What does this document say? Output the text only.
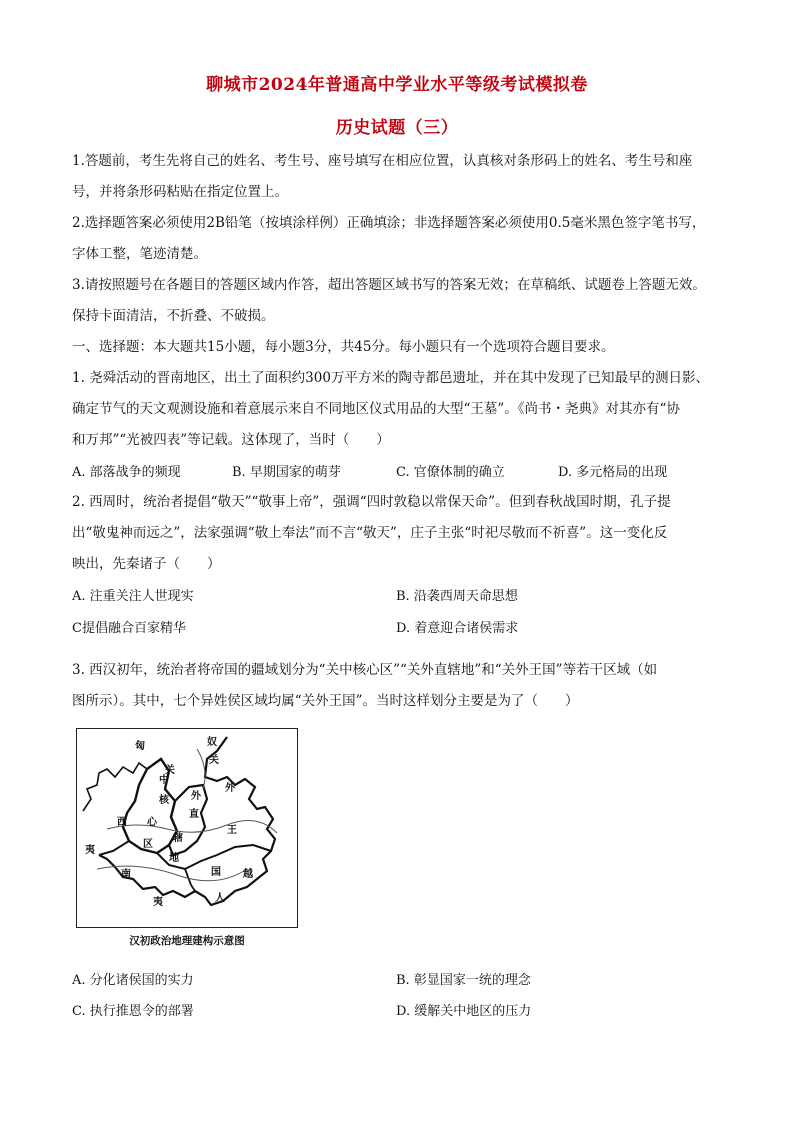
聊城市2024年普通高中学业水平等级考试模拟卷
历史试题（三）
1.答题前，考生先将自己的姓名、考生号、座号填写在相应位置，认真核对条形码上的姓名、考生号和座
号，并将条形码粘贴在指定位置上。
2.选择题答案必须使用2B铅笔（按填涂样例）正确填涂；非选择题答案必须使用0.5毫米黑色签字笔书写，
字体工整，笔迹清楚。
3.请按照题号在各题目的答题区域内作答，超出答题区域书写的答案无效；在草稿纸、试题卷上答题无效。
保持卡面清洁，不折叠、不破损。
一、选择题：本大题共15小题，每小题3分，共45分。每小题只有一个选项符合题目要求。
1. 尧舜活动的晋南地区，出土了面积约300万平方米的陶寺都邑遗址，并在其中发现了已知最早的测日影、
确定节气的天文观测设施和着意展示来自不同地区仪式用品的大型“王墓”。《尚书・尧典》对其亦有“协
和万邦”“光被四表”等记载。这体现了，当时（　　）
A. 部落战争的频现	B. 早期国家的萌芽	C. 官僚体制的确立	D. 多元格局的出现
2. 西周时，统治者提倡“敬天”“敬事上帝”，强调“四时敦稳以常保天命”。但到春秋战国时期，孔子提
出“敬鬼神而远之”，法家强调“敬上奉法”而不言“敬天”，庄子主张“时祀尽敬而不祈喜”。这一变化反
映出，先秦诸子（　　）
A. 注重关注人世现实	B. 沿袭西周天命思想
C提倡融合百家精华	D. 着意迎合诸侯需求
3. 西汉初年，统治者将帝国的疆域划分为“关中核心区”“关外直辖地”和“关外王国”等若干区域（如
图所示）。其中，七个异姓侯区域均属“关外王国”。当时这样划分主要是为了（　　）
匈	奴
关
中
核
心
区
关
外
直
辖
地
外
王
国
西
夷
南
夷
越
人
汉初政治地理建构示意图
A. 分化诸侯国的实力	B. 彰显国家一统的理念
C. 执行推恩令的部署	D. 缓解关中地区的压力
